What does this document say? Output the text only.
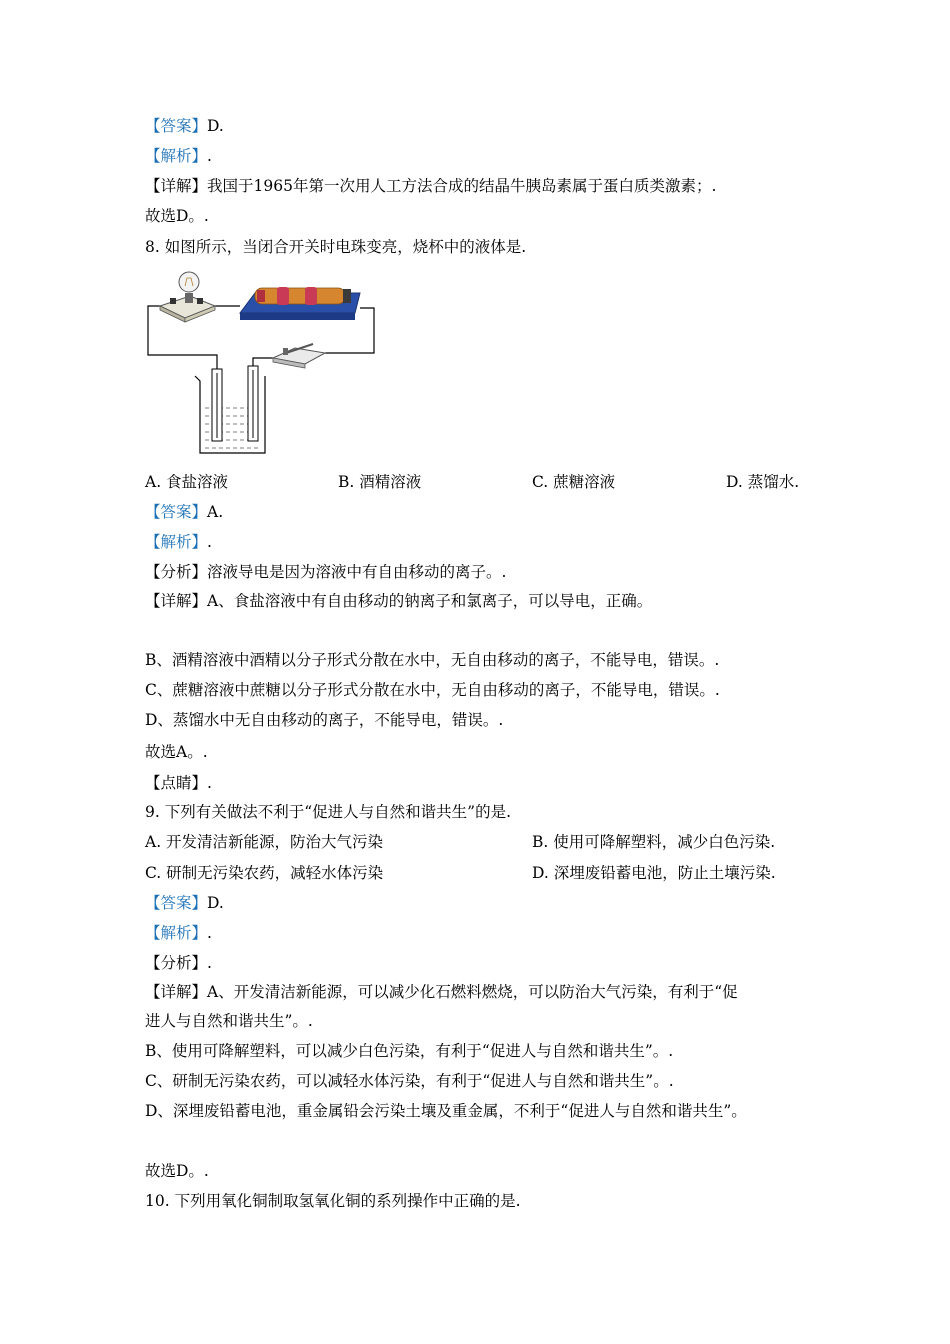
【答案】D.
【解析】.
【详解】我国于1965年第一次用人工方法合成的结晶牛胰岛素属于蛋白质类激素；.
故选D。.
8. 如图所示，当闭合开关时电珠变亮，烧杯中的液体是.
A. 食盐溶液	B. 酒精溶液	C. 蔗糖溶液	D. 蒸馏水.
【答案】A.
【解析】.
【分析】溶液导电是因为溶液中有自由移动的离子。.
【详解】A、食盐溶液中有自由移动的钠离子和氯离子，可以导电，正确。
B、酒精溶液中酒精以分子形式分散在水中，无自由移动的离子，不能导电，错误。.
C、蔗糖溶液中蔗糖以分子形式分散在水中，无自由移动的离子，不能导电，错误。.
D、蒸馏水中无自由移动的离子，不能导电，错误。.
故选A。.
【点睛】.
9. 下列有关做法不利于“促进人与自然和谐共生”的是.
A. 开发清洁新能源，防治大气污染	B. 使用可降解塑料，减少白色污染.
C. 研制无污染农药，减轻水体污染	D. 深埋废铅蓄电池，防止土壤污染.
【答案】D.
【解析】.
【分析】.
【详解】A、开发清洁新能源，可以减少化石燃料燃烧，可以防治大气污染，有利于“促
进人与自然和谐共生”。.
B、使用可降解塑料，可以减少白色污染，有利于“促进人与自然和谐共生”。.
C、研制无污染农药，可以减轻水体污染，有利于“促进人与自然和谐共生”。.
D、深埋废铅蓄电池，重金属铅会污染土壤及重金属，不利于“促进人与自然和谐共生”。
故选D。.
10. 下列用氧化铜制取氢氧化铜的系列操作中正确的是.
